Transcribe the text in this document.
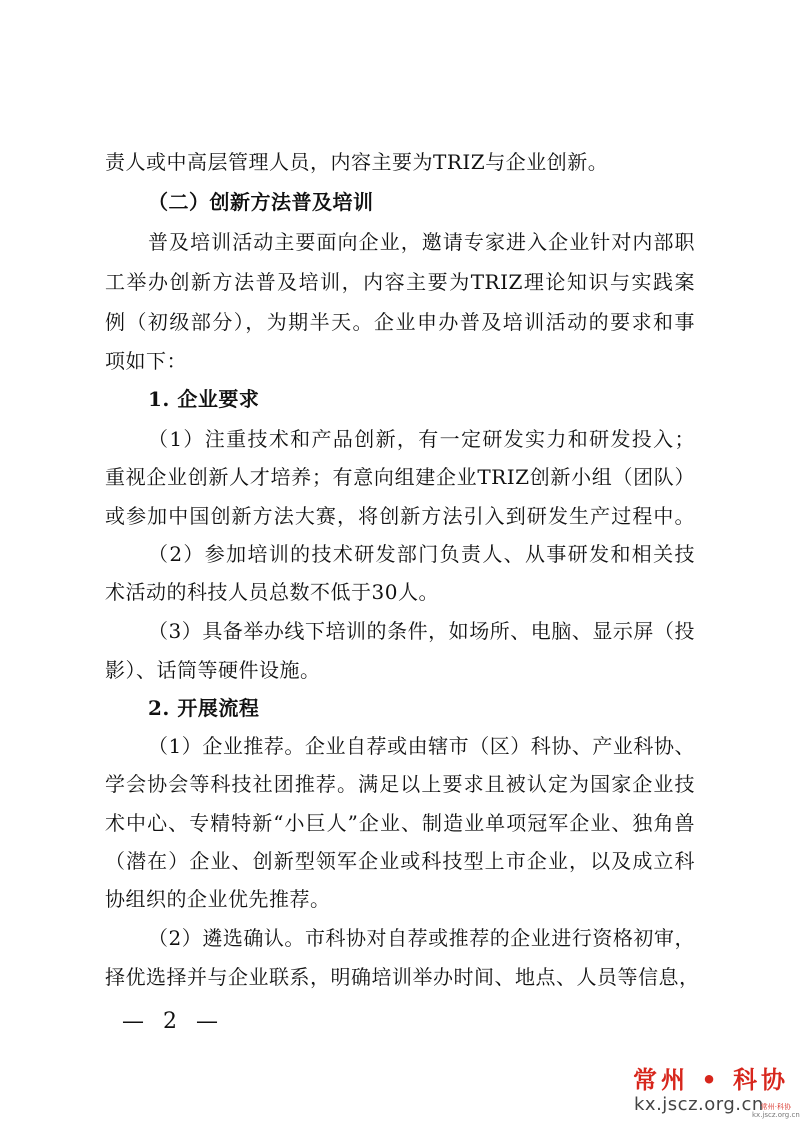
责人或中高层管理人员，内容主要为TRIZ与企业创新。
（二）创新方法普及培训
普及培训活动主要面向企业，邀请专家进入企业针对内部职
工举办创新方法普及培训，内容主要为TRIZ理论知识与实践案
例（初级部分），为期半天。企业申办普及培训活动的要求和事
项如下：
1. 企业要求
（1）注重技术和产品创新，有一定研发实力和研发投入；
重视企业创新人才培养；有意向组建企业TRIZ创新小组（团队）
或参加中国创新方法大赛，将创新方法引入到研发生产过程中。
（2）参加培训的技术研发部门负责人、从事研发和相关技
术活动的科技人员总数不低于30人。
（3）具备举办线下培训的条件，如场所、电脑、显示屏（投
影）、话筒等硬件设施。
2. 开展流程
（1）企业推荐。企业自荐或由辖市（区）科协、产业科协、
学会协会等科技社团推荐。满足以上要求且被认定为国家企业技
术中心、专精特新“小巨人”企业、制造业单项冠军企业、独角兽
（潜在）企业、创新型领军企业或科技型上市企业，以及成立科
协组织的企业优先推荐。
（2）遴选确认。市科协对自荐或推荐的企业进行资格初审，
择优选择并与企业联系，明确培训举办时间、地点、人员等信息，
— 2 —
常州 • 科协
kx.jscz.org.cn
常州·科协
kx.jscz.org.cn
